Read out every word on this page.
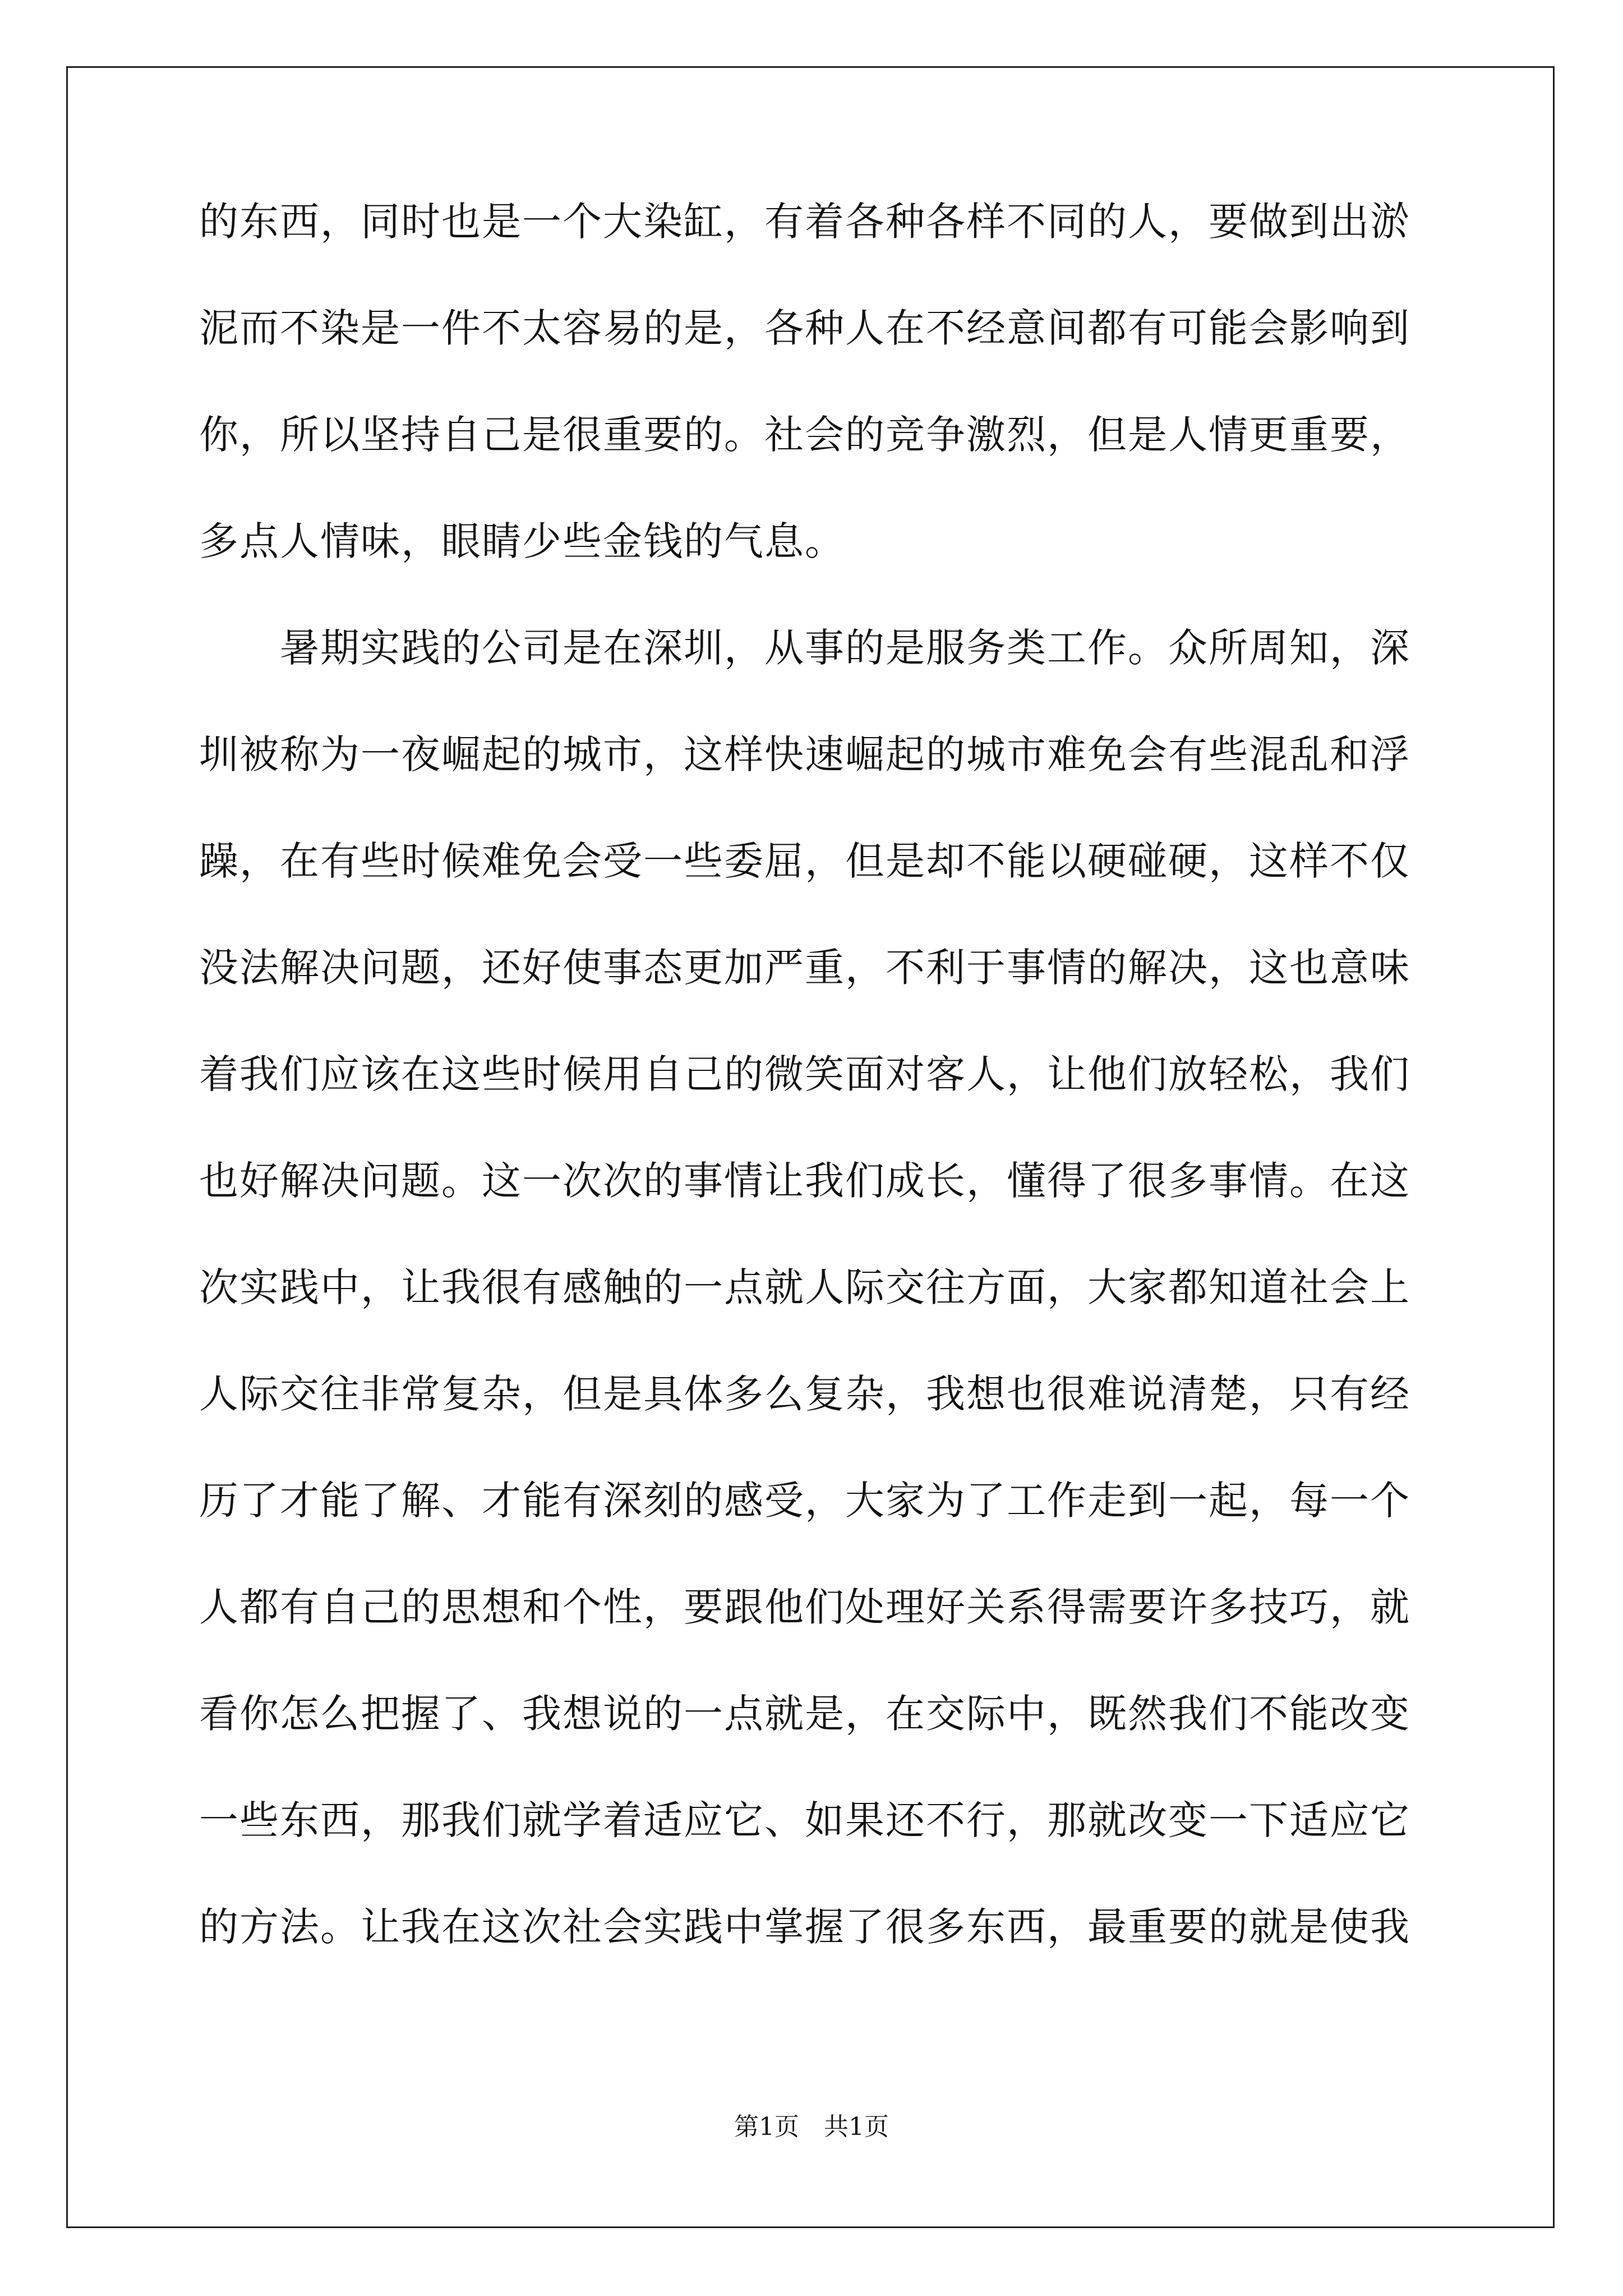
的东西，同时也是一个大染缸，有着各种各样不同的人，要做到出淤
泥而不染是一件不太容易的是，各种人在不经意间都有可能会影响到
你，所以坚持自己是很重要的。社会的竞争激烈，但是人情更重要，
多点人情味，眼睛少些金钱的气息。
　　暑期实践的公司是在深圳，从事的是服务类工作。众所周知，深
圳被称为一夜崛起的城市，这样快速崛起的城市难免会有些混乱和浮
躁，在有些时候难免会受一些委屈，但是却不能以硬碰硬，这样不仅
没法解决问题，还好使事态更加严重，不利于事情的解决，这也意味
着我们应该在这些时候用自己的微笑面对客人，让他们放轻松，我们
也好解决问题。这一次次的事情让我们成长，懂得了很多事情。在这
次实践中，让我很有感触的一点就人际交往方面，大家都知道社会上
人际交往非常复杂，但是具体多么复杂，我想也很难说清楚，只有经
历了才能了解、才能有深刻的感受，大家为了工作走到一起，每一个
人都有自己的思想和个性，要跟他们处理好关系得需要许多技巧，就
看你怎么把握了、我想说的一点就是，在交际中，既然我们不能改变
一些东西，那我们就学着适应它、如果还不行，那就改变一下适应它
的方法。让我在这次社会实践中掌握了很多东西，最重要的就是使我
第1页　共1页
